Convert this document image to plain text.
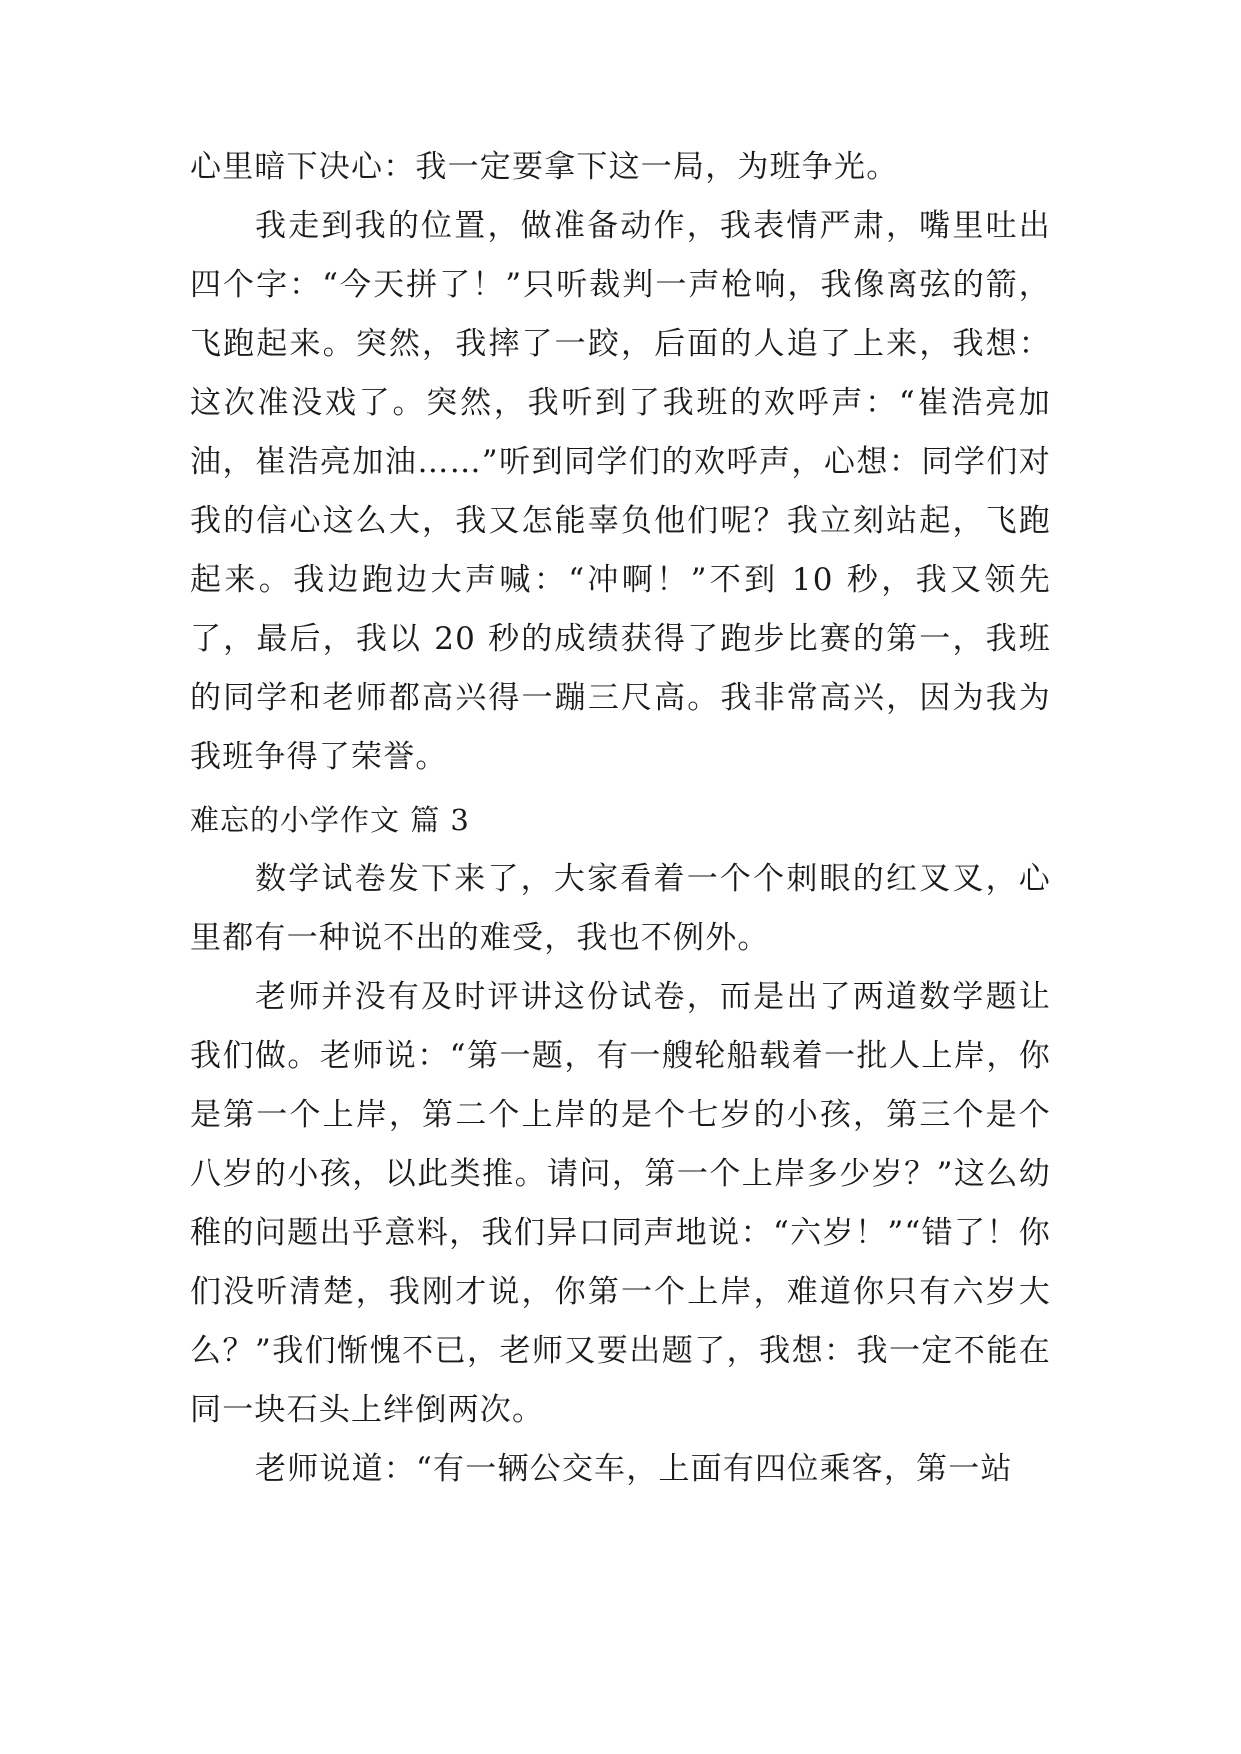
心里暗下决心：我一定要拿下这一局，为班争光。

我走到我的位置，做准备动作，我表情严肃，嘴里吐出四个字：“今天拼了！”只听裁判一声枪响，我像离弦的箭，飞跑起来。突然，我摔了一跤，后面的人追了上来，我想：这次准没戏了。突然，我听到了我班的欢呼声：“崔浩亮加油，崔浩亮加油……”听到同学们的欢呼声，心想：同学们对我的信心这么大，我又怎能辜负他们呢？我立刻站起，飞跑起来。我边跑边大声喊：“冲啊！”不到 10 秒，我又领先了，最后，我以 20 秒的成绩获得了跑步比赛的第一，我班的同学和老师都高兴得一蹦三尺高。我非常高兴，因为我为我班争得了荣誉。

难忘的小学作文 篇 3

数学试卷发下来了，大家看着一个个刺眼的红叉叉，心里都有一种说不出的难受，我也不例外。

老师并没有及时评讲这份试卷，而是出了两道数学题让我们做。老师说：“第一题，有一艘轮船载着一批人上岸，你是第一个上岸，第二个上岸的是个七岁的小孩，第三个是个八岁的小孩，以此类推。请问，第一个上岸多少岁？”这么幼稚的问题出乎意料，我们异口同声地说：“六岁！”“错了！你们没听清楚，我刚才说，你第一个上岸，难道你只有六岁大么？”我们惭愧不已，老师又要出题了，我想：我一定不能在同一块石头上绊倒两次。

老师说道：“有一辆公交车，上面有四位乘客，第一站
